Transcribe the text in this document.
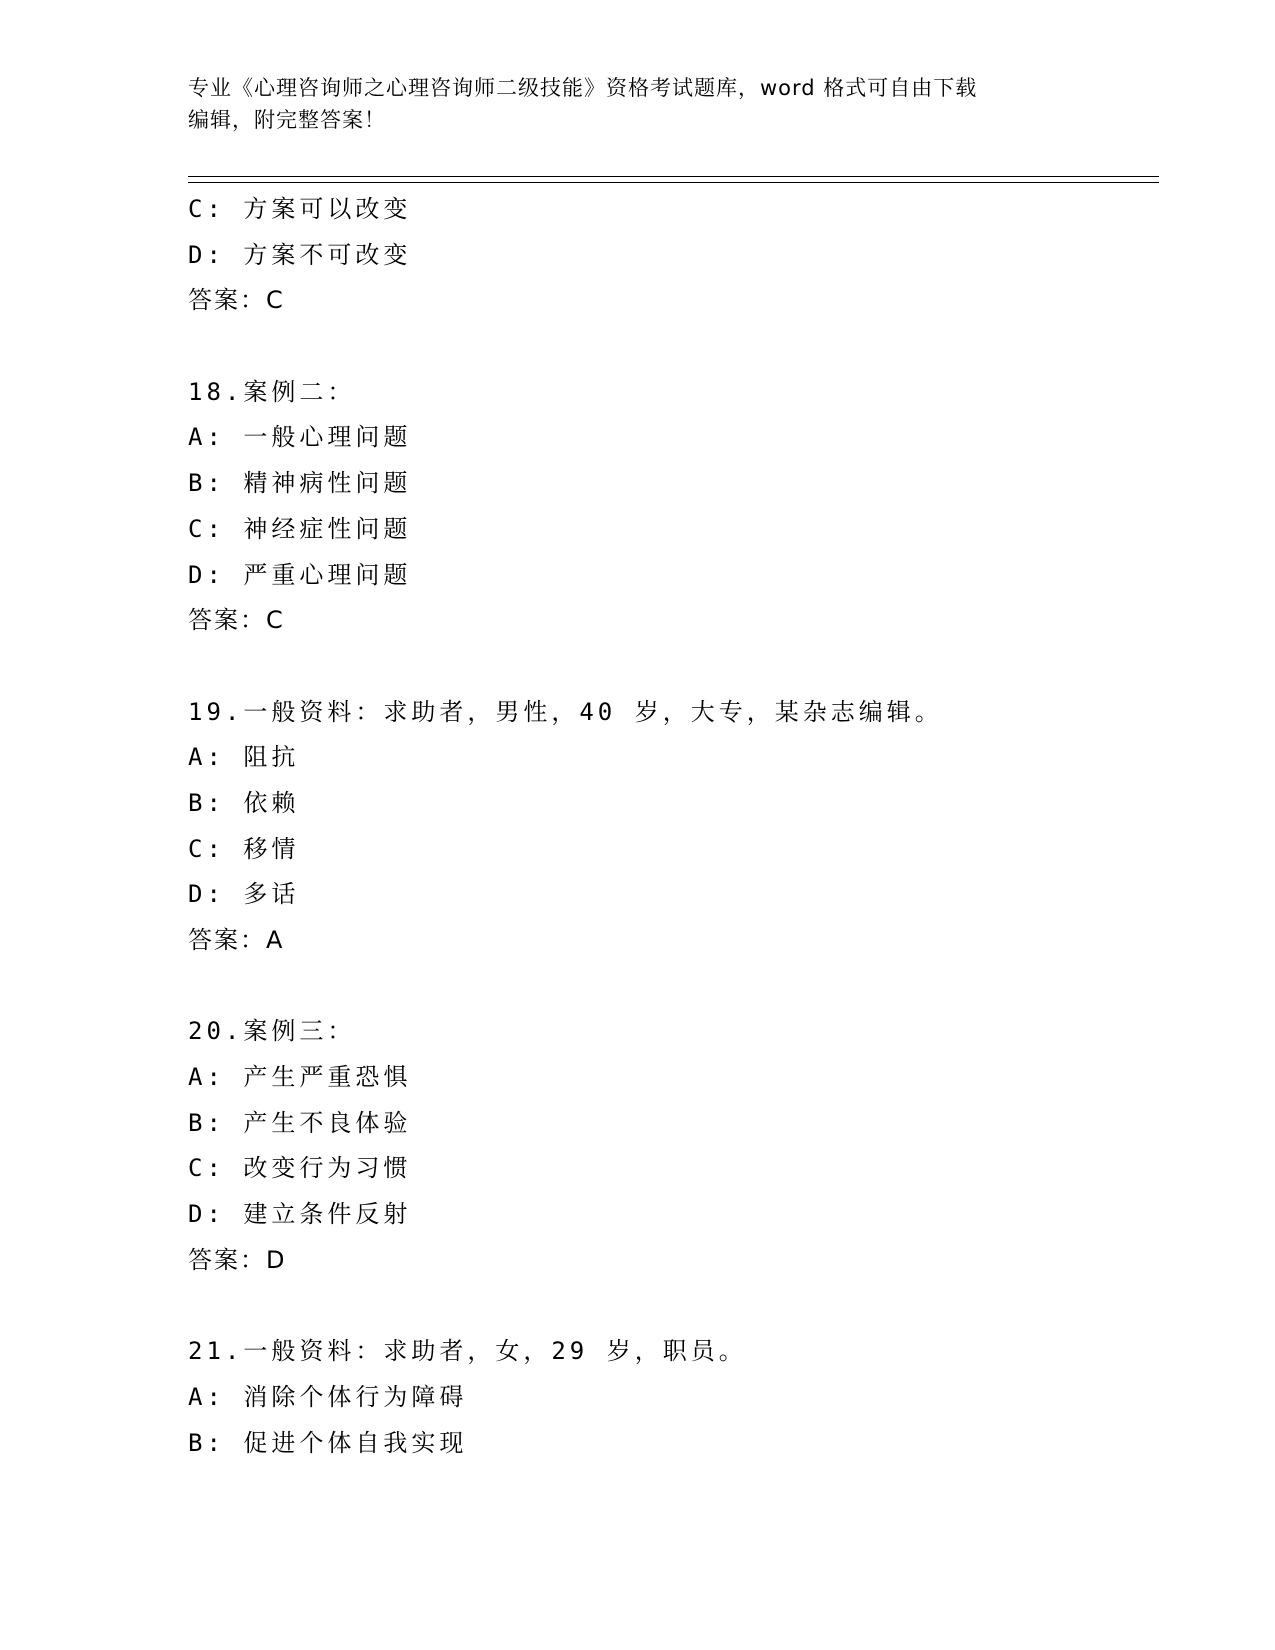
专业《心理咨询师之心理咨询师二级技能》资格考试题库，word 格式可自由下载
编辑，附完整答案！
C: 方案可以改变
D: 方案不可改变
答案：C
18.案例二：
A: 一般心理问题
B: 精神病性问题
C: 神经症性问题
D: 严重心理问题
答案：C
19.一般资料：求助者，男性，40 岁，大专，某杂志编辑。
A: 阻抗
B: 依赖
C: 移情
D: 多话
答案：A
20.案例三：
A: 产生严重恐惧
B: 产生不良体验
C: 改变行为习惯
D: 建立条件反射
答案：D
21.一般资料：求助者，女，29 岁，职员。
A: 消除个体行为障碍
B: 促进个体自我实现
